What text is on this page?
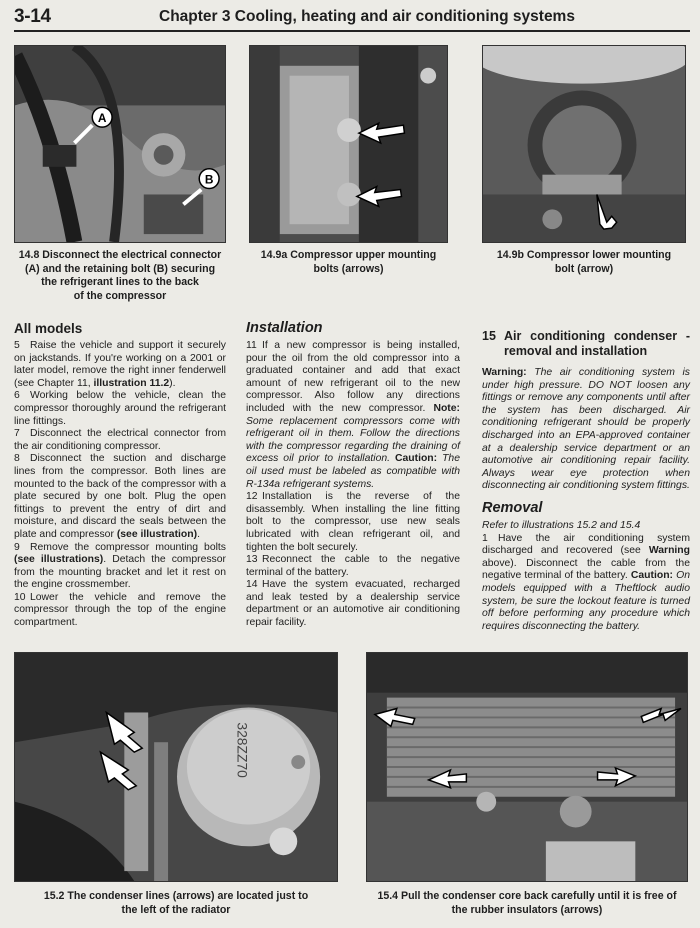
3-14	Chapter 3 Cooling, heating and air conditioning systems
A
B
14.8 Disconnect the electrical connector
(A) and the retaining bolt (B) securing
the refrigerant lines to the back
of the compressor
14.9a Compressor upper mounting
bolts (arrows)
14.9b Compressor lower mounting
bolt (arrow)
All models

5 Raise the vehicle and support it securely on jackstands. If you're working on a 2001 or later model, remove the right inner fenderwell (see Chapter 11, illustration 11.2).

6 Working below the vehicle, clean the compressor thoroughly around the refrigerant line fittings.

7 Disconnect the electrical connector from the air conditioning compressor.

8 Disconnect the suction and discharge lines from the compressor. Both lines are mounted to the back of the compressor with a plate secured by one bolt. Plug the open fittings to prevent the entry of dirt and moisture, and discard the seals between the plate and compressor (see illustration).

9 Remove the compressor mounting bolts (see illustrations). Detach the compressor from the mounting bracket and let it rest on the engine crossmember.

10 Lower the vehicle and remove the compressor through the top of the engine compartment.

Installation

11 If a new compressor is being installed, pour the oil from the old compressor into a graduated container and add that exact amount of new refrigerant oil to the new compressor. Also follow any directions included with the new compressor. Note: Some replacement compressors come with refrigerant oil in them. Follow the directions with the compressor regarding the draining of excess oil prior to installation. Caution: The oil used must be labeled as compatible with R-134a refrigerant systems.

12 Installation is the reverse of the disassembly. When installing the line fitting bolt to the compressor, use new seals lubricated with clean refrigerant oil, and tighten the bolt securely.

13 Reconnect the cable to the negative terminal of the battery.

14 Have the system evacuated, recharged and leak tested by a dealership service department or an automotive air conditioning repair facility.

15 Air conditioning condenser - removal and installation

Warning: The air conditioning system is under high pressure. DO NOT loosen any fittings or remove any components until after the system has been discharged. Air conditioning refrigerant should be properly discharged into an EPA-approved container at a dealership service department or an automotive air conditioning repair facility. Always wear eye protection when disconnecting air conditioning system fittings.

Removal

Refer to illustrations 15.2 and 15.4

1 Have the air conditioning system discharged and recovered (see Warning above). Disconnect the cable from the negative terminal of the battery. Caution: On models equipped with a Theftlock audio system, be sure the lockout feature is turned off before performing any procedure which requires disconnecting the battery.

328ZZ70
15.2 The condenser lines (arrows) are located just to
the left of the radiator
15.4 Pull the condenser core back carefully until it is free of
the rubber insulators (arrows)
